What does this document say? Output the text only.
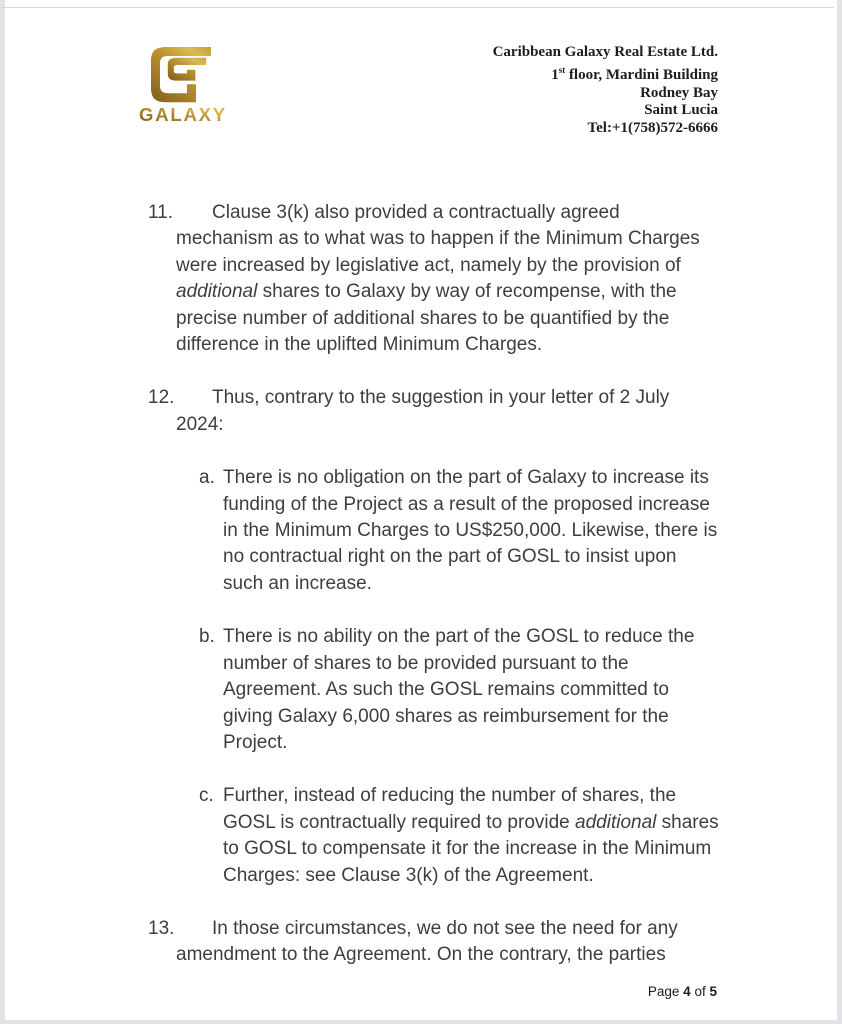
GALAXY
Caribbean Galaxy Real Estate Ltd.
1st floor, Mardini Building
Rodney Bay
Saint Lucia
Tel:+1(758)572-6666
11. Clause 3(k) also provided a contractually agreed mechanism as to what was to happen if the Minimum Charges were increased by legislative act, namely by the provision of additional shares to Galaxy by way of recompense, with the precise number of additional shares to be quantified by the difference in the uplifted Minimum Charges.
12. Thus, contrary to the suggestion in your letter of 2 July 2024:
a. There is no obligation on the part of Galaxy to increase its funding of the Project as a result of the proposed increase in the Minimum Charges to US$250,000. Likewise, there is no contractual right on the part of GOSL to insist upon such an increase.
b. There is no ability on the part of the GOSL to reduce the number of shares to be provided pursuant to the Agreement. As such the GOSL remains committed to giving Galaxy 6,000 shares as reimbursement for the Project.
c. Further, instead of reducing the number of shares, the GOSL is contractually required to provide additional shares to GOSL to compensate it for the increase in the Minimum Charges: see Clause 3(k) of the Agreement.
13. In those circumstances, we do not see the need for any amendment to the Agreement. On the contrary, the parties
Page 4 of 5
